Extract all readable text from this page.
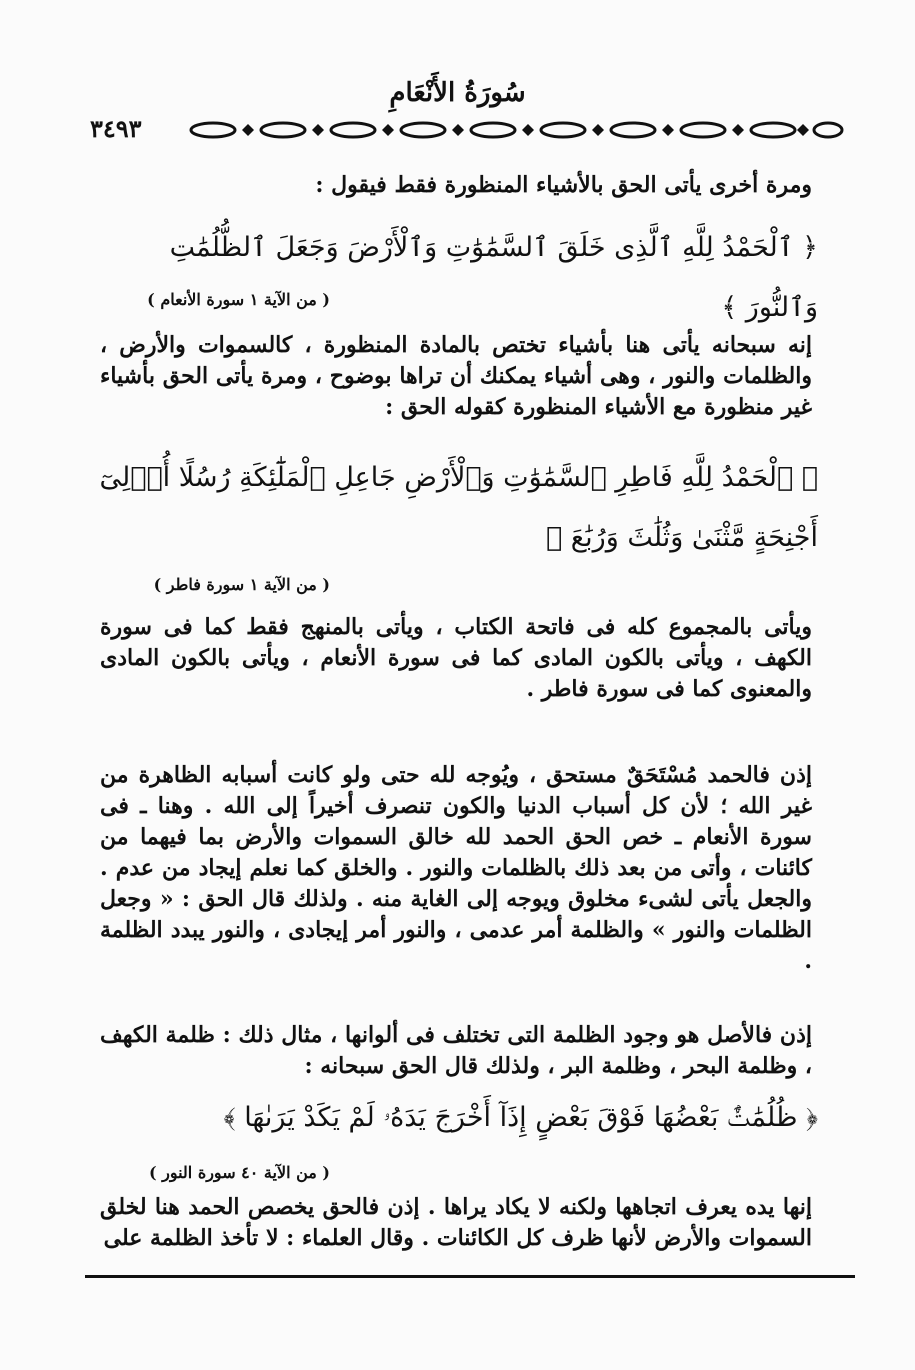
سُورَةُ الأَنْعَامِ
٣٤٩٣
ومرة أخرى يأتى الحق بالأشياء المنظورة فقط فيقول :
﴿ ٱلْحَمْدُ لِلَّهِ ٱلَّذِى خَلَقَ ٱلسَّمَٰوَٰتِ وَٱلْأَرْضَ وَجَعَلَ ٱلظُّلُمَٰتِ وَٱلنُّورَ ﴾
( من الآية ١ سورة الأنعام )
إنه سبحانه يأتى هنا بأشياء تختص بالمادة المنظورة ، كالسموات والأرض ، والظلمات والنور ، وهى أشياء يمكنك أن تراها بوضوح ، ومرة يأتى الحق بأشياء غير منظورة مع الأشياء المنظورة كقوله الحق :
﴿ ٱلْحَمْدُ لِلَّهِ فَاطِرِ ٱلسَّمَٰوَٰتِ وَٱلْأَرْضِ جَاعِلِ ٱلْمَلَٰٓئِكَةِ رُسُلًا أُو۟لِىٓ أَجْنِحَةٍ مَّثْنَىٰ وَثُلَٰثَ وَرُبَٰعَ ﴾
( من الآية ١ سورة فاطر )
ويأتى بالمجموع كله فى فاتحة الكتاب ، ويأتى بالمنهج فقط كما فى سورة الكهف ، ويأتى بالكون المادى كما فى سورة الأنعام ، ويأتى بالكون المادى والمعنوى كما فى سورة فاطر .
إذن فالحمد مُسْتَحَقٌ مستحق ، ويُوجه لله حتى ولو كانت أسبابه الظاهرة من غير الله ؛ لأن كل أسباب الدنيا والكون تنصرف أخيراً إلى الله . وهنا ـ فى سورة الأنعام ـ خص الحق الحمد لله خالق السموات والأرض بما فيهما من كائنات ، وأتى من بعد ذلك بالظلمات والنور . والخلق كما نعلم إيجاد من عدم . والجعل يأتى لشىء مخلوق ويوجه إلى الغاية منه . ولذلك قال الحق : « وجعل الظلمات والنور » والظلمة أمر عدمى ، والنور أمر إيجادى ، والنور يبدد الظلمة .
إذن فالأصل هو وجود الظلمة التى تختلف فى ألوانها ، مثال ذلك : ظلمة الكهف ، وظلمة البحر ، وظلمة البر ، ولذلك قال الحق سبحانه :
﴿ ظُلُمَٰتٌۢ بَعْضُهَا فَوْقَ بَعْضٍ إِذَآ أَخْرَجَ يَدَهُۥ لَمْ يَكَدْ يَرَىٰهَا ﴾
( من الآية ٤٠ سورة النور )
إنها يده يعرف اتجاهها ولكنه لا يكاد يراها . إذن فالحق يخصص الحمد هنا لخلق السموات والأرض لأنها ظرف كل الكائنات . وقال العلماء : لا تأخذ الظلمة على
